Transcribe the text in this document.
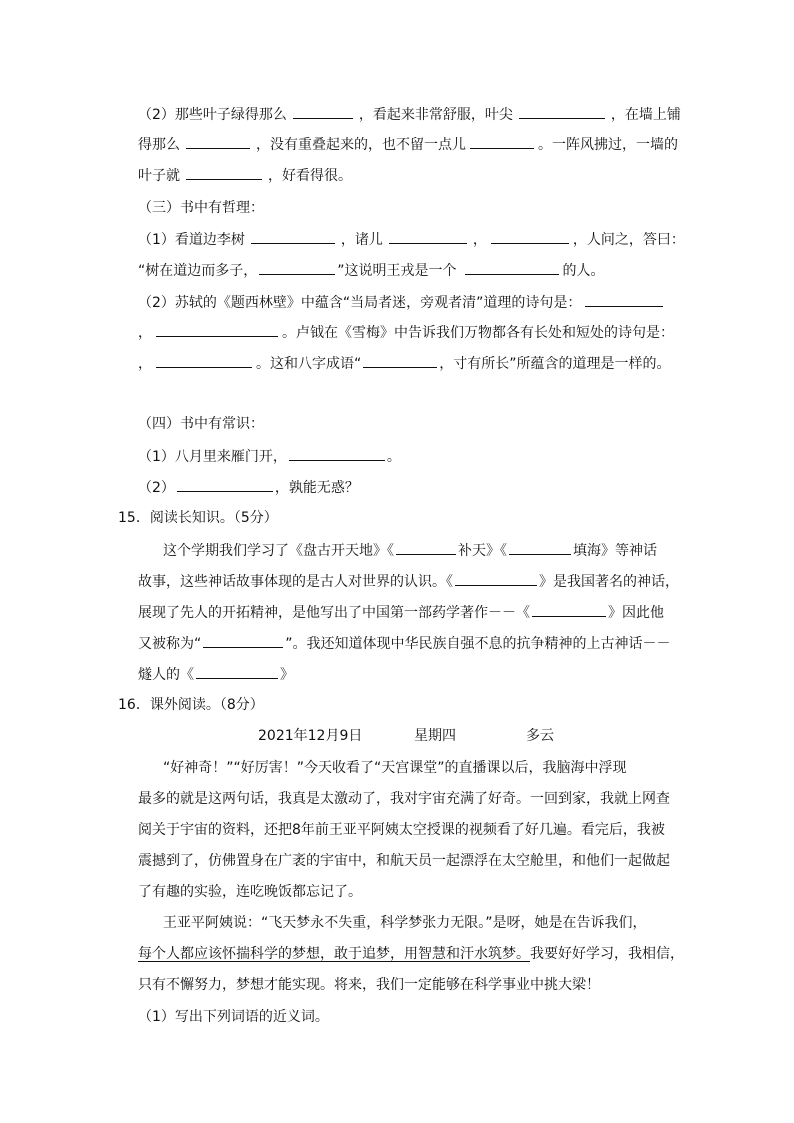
（2）那些叶子绿得那么	，看起来非常舒服，叶尖	，在墙上铺
得那么	，没有重叠起来的，也不留一点儿	。一阵风拂过，一墙的
叶子就	，好看得很。
（三）书中有哲理：
（1）看道边李树	，诸儿	，	，人问之，答曰：
“树在道边而多子，	”这说明王戎是一个	的人。
（2）苏轼的《题西林壁》中蕴含“当局者迷，旁观者清”道理的诗句是：
，	。卢钺在《雪梅》中告诉我们万物都各有长处和短处的诗句是：
，	。这和八字成语“	，寸有所长”所蕴含的道理是一样的。
（四）书中有常识：
（1）八月里来雁门开，	。
（2）	，孰能无惑？
15．阅读长知识。（5分）
这个学期我们学习了《盘古开天地》《	补天》《	填海》等神话
故事，这些神话故事体现的是古人对世界的认识。《	》是我国著名的神话，
展现了先人的开拓精神，是他写出了中国第一部药学著作－－《	》因此他
又被称为“	”。我还知道体现中华民族自强不息的抗争精神的上古神话－－
燧人的《	》
16．课外阅读。（8分）
2021年12月9日	星期四	多云
“好神奇！”“好厉害！”今天收看了“天宫课堂”的直播课以后，我脑海中浮现
最多的就是这两句话，我真是太激动了，我对宇宙充满了好奇。一回到家，我就上网查
阅关于宇宙的资料，还把8年前王亚平阿姨太空授课的视频看了好几遍。看完后，我被
震撼到了，仿佛置身在广袤的宇宙中，和航天员一起漂浮在太空舱里，和他们一起做起
了有趣的实验，连吃晚饭都忘记了。
王亚平阿姨说：“飞天梦永不失重，科学梦张力无限。”是呀，她是在告诉我们，
每个人都应该怀揣科学的梦想，敢于追梦，用智慧和汗水筑梦。我要好好学习，我相信，
只有不懈努力，梦想才能实现。将来，我们一定能够在科学事业中挑大梁！
（1）写出下列词语的近义词。
